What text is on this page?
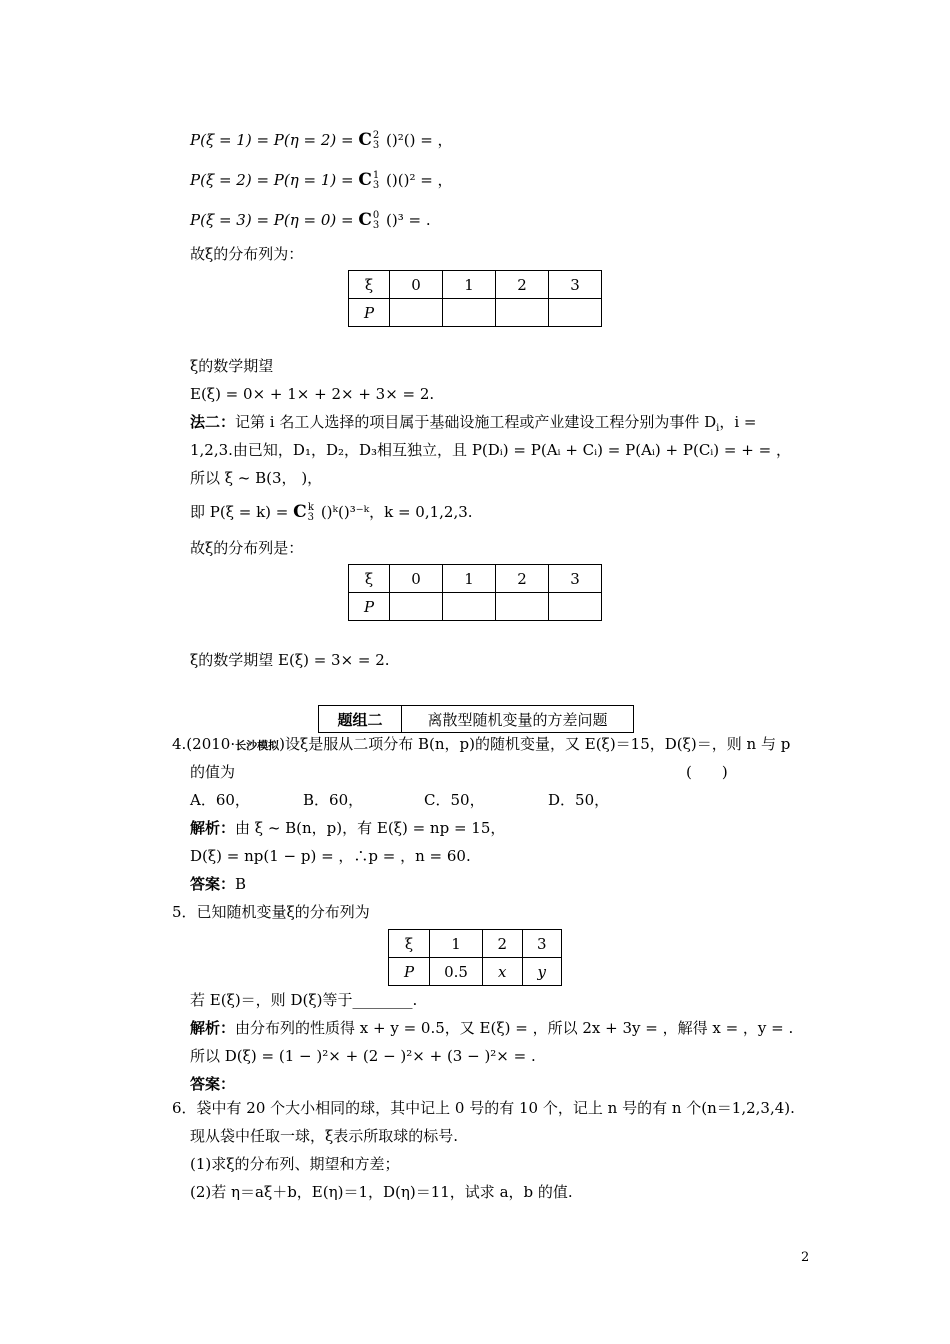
P(ξ = 1) = P(η = 2) = C2
3 ()²() = ，
P(ξ = 2) = P(η = 1) = C1
3 ()()² = ，
P(ξ = 3) = P(η = 0) = C0
3 ()³ = .
故ξ的分布列为：
ξ	0	1	2	3
P				
ξ的数学期望
E(ξ) = 0× + 1× + 2× + 3× = 2.
法二：记第 i 名工人选择的项目属于基础设施工程或产业建设工程分别为事件 $D_i$，i =
1,2,3.由已知，D₁，D₂，D₃相互独立，且 P(Dᵢ) = P(Aᵢ + Cᵢ) = P(Aᵢ) + P(Cᵢ) = + = ，
所以 ξ ~ B(3， )，
即 P(ξ = k) = Ck
3 ()ᵏ()³⁻ᵏ，k = 0,1,2,3.
故ξ的分布列是：
ξ	0	1	2	3
P				
ξ的数学期望 E(ξ) = 3× = 2.
题组二	离散型随机变量的方差问题
4.(2010·长沙模拟)设ξ是服从二项分布 B(n，p)的随机变量，又 E(ξ)＝15，D(ξ)＝，则 n 与 p
的值为	(　　)
A．60，	B．60，	C．50，	D．50，
解析：由 ξ ~ B(n，p)，有 E(ξ) = np = 15，
D(ξ) = np(1 − p) = ，∴p = ，n = 60.
答案：B
5．已知随机变量ξ的分布列为
ξ	1	2	3
P	0.5	x	y
若 E(ξ)＝，则 D(ξ)等于________.
解析：由分布列的性质得 x + y = 0.5，又 E(ξ) = ，所以 2x + 3y = ，解得 x = ，y = .
所以 D(ξ) = (1 − )²× + (2 − )²× + (3 − )²× = .
答案：
6．袋中有 20 个大小相同的球，其中记上 0 号的有 10 个，记上 n 号的有 n 个(n＝1,2,3,4).
现从袋中任取一球，ξ表示所取球的标号.
(1)求ξ的分布列、期望和方差；
(2)若 η＝aξ＋b，E(η)＝1，D(η)＝11，试求 a，b 的值.
2
